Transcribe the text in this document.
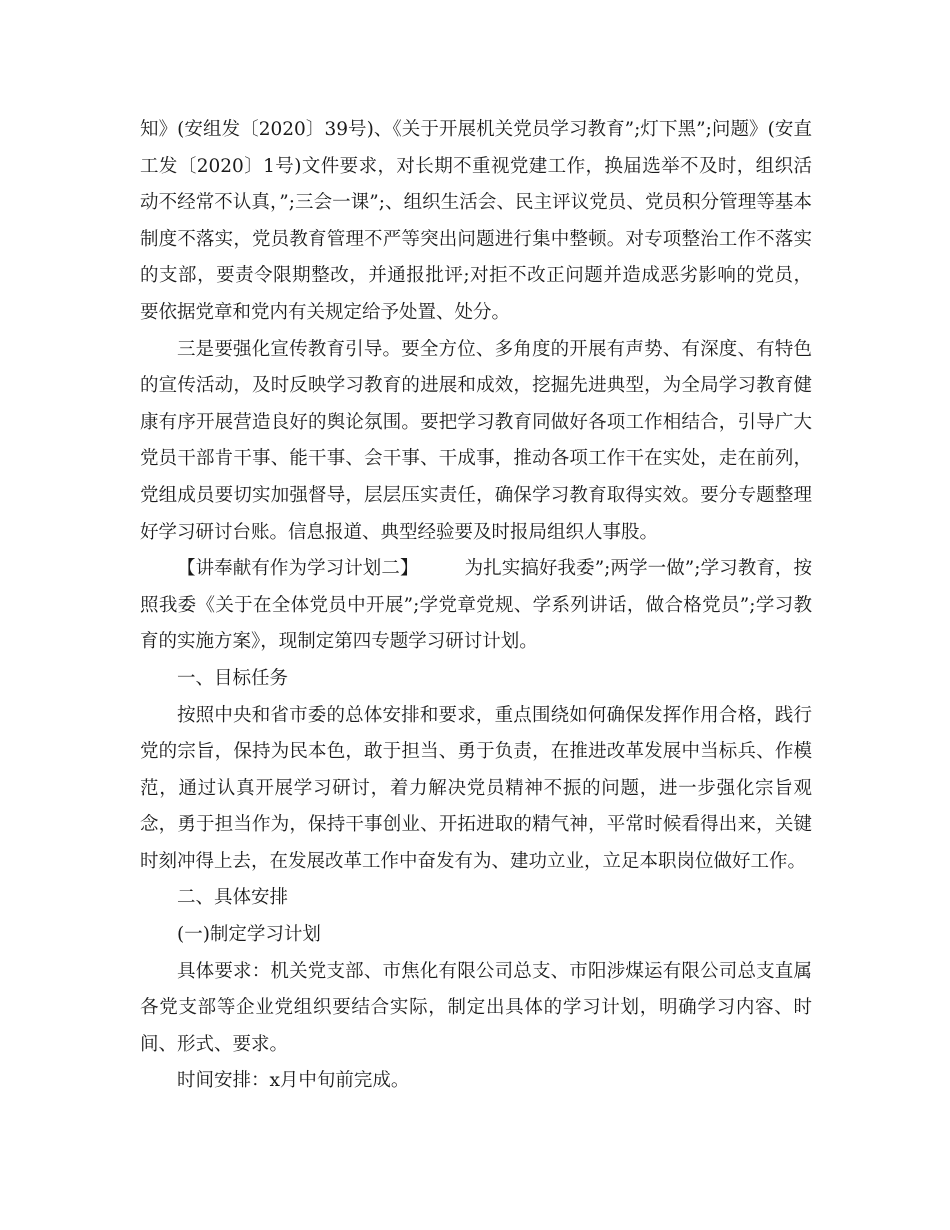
知》(安组发〔2020〕39号)、《关于开展机关党员学习教育”;灯下黑”;问题》(安直工发〔2020〕1号)文件要求，对长期不重视党建工作，换届选举不及时，组织活动不经常不认真，”;三会一课”;、组织生活会、民主评议党员、党员积分管理等基本制度不落实，党员教育管理不严等突出问题进行集中整顿。对专项整治工作不落实的支部，要责令限期整改，并通报批评;对拒不改正问题并造成恶劣影响的党员，要依据党章和党内有关规定给予处置、处分。

三是要强化宣传教育引导。要全方位、多角度的开展有声势、有深度、有特色的宣传活动，及时反映学习教育的进展和成效，挖掘先进典型，为全局学习教育健康有序开展营造良好的舆论氛围。要把学习教育同做好各项工作相结合，引导广大党员干部肯干事、能干事、会干事、干成事，推动各项工作干在实处，走在前列，党组成员要切实加强督导，层层压实责任，确保学习教育取得实效。要分专题整理好学习研讨台账。信息报道、典型经验要及时报局组织人事股。

【讲奉献有作为学习计划二】 为扎实搞好我委”;两学一做”;学习教育，按照我委《关于在全体党员中开展”;学党章党规、学系列讲话，做合格党员”;学习教育的实施方案》，现制定第四专题学习研讨计划。

一、目标任务

按照中央和省市委的总体安排和要求，重点围绕如何确保发挥作用合格，践行党的宗旨，保持为民本色，敢于担当、勇于负责，在推进改革发展中当标兵、作模范，通过认真开展学习研讨，着力解决党员精神不振的问题，进一步强化宗旨观念，勇于担当作为，保持干事创业、开拓进取的精气神，平常时候看得出来，关键时刻冲得上去，在发展改革工作中奋发有为、建功立业，立足本职岗位做好工作。

二、具体安排

(一)制定学习计划

具体要求：机关党支部、市焦化有限公司总支、市阳涉煤运有限公司总支直属各党支部等企业党组织要结合实际，制定出具体的学习计划，明确学习内容、时间、形式、要求。

时间安排：x月中旬前完成。
